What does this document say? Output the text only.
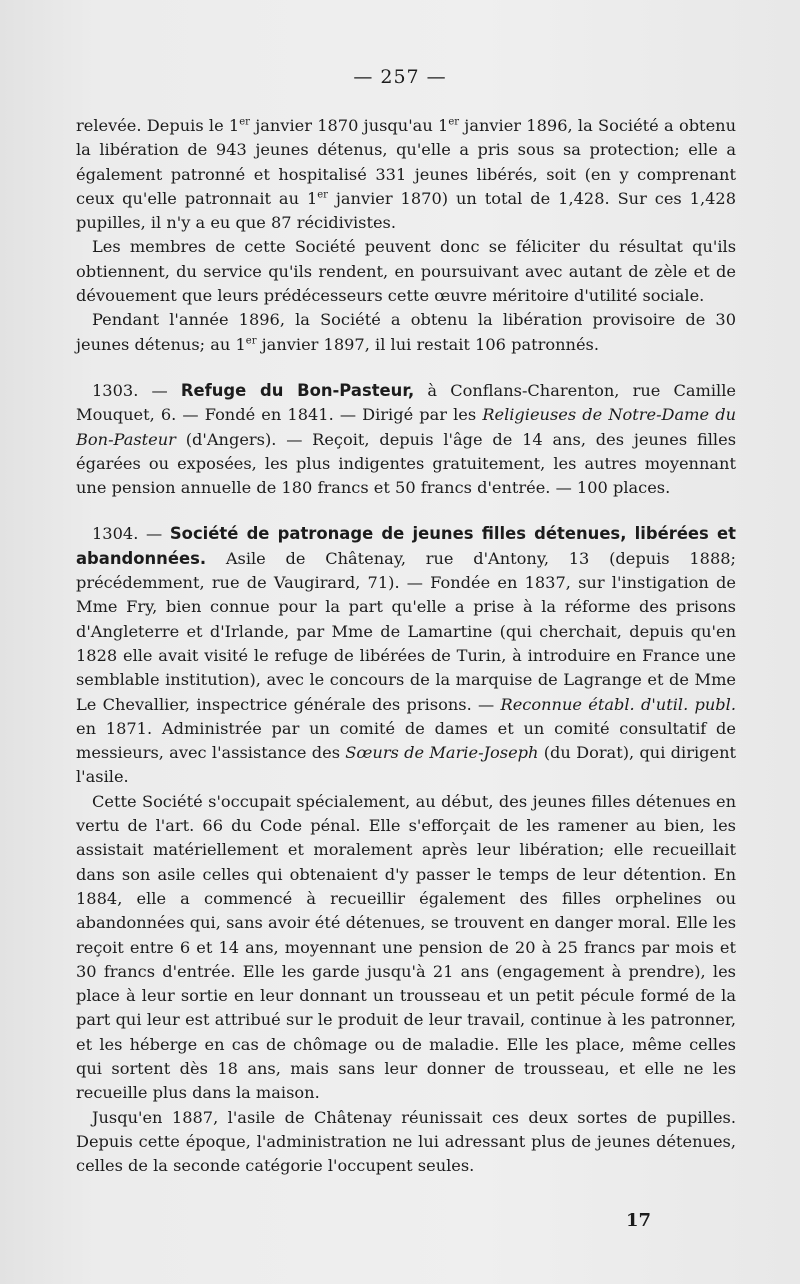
— 257 —

relevée. Depuis le 1er janvier 1870 jusqu'au 1er janvier 1896, la Société a obtenu la libération de 943 jeunes détenus, qu'elle a pris sous sa protection; elle a également patronné et hospitalisé 331 jeunes libérés, soit (en y comprenant ceux qu'elle patronnait au 1er janvier 1870) un total de 1,428. Sur ces 1,428 pupilles, il n'y a eu que 87 récidivistes.

Les membres de cette Société peuvent donc se féliciter du résultat qu'ils obtiennent, du service qu'ils rendent, en poursuivant avec autant de zèle et de dévouement que leurs prédécesseurs cette œuvre méritoire d'utilité sociale.

Pendant l'année 1896, la Société a obtenu la libération provisoire de 30 jeunes détenus; au 1er janvier 1897, il lui restait 106 patronnés.

1303. — Refuge du Bon-Pasteur, à Conflans-Charenton, rue Camille Mouquet, 6. — Fondé en 1841. — Dirigé par les Religieuses de Notre-Dame du Bon-Pasteur (d'Angers). — Reçoit, depuis l'âge de 14 ans, des jeunes filles égarées ou exposées, les plus indigentes gratuitement, les autres moyennant une pension annuelle de 180 francs et 50 francs d'entrée. — 100 places.

1304. — Société de patronage de jeunes filles détenues, libérées et abandonnées. Asile de Châtenay, rue d'Antony, 13 (depuis 1888; précédemment, rue de Vaugirard, 71). — Fondée en 1837, sur l'instigation de Mme Fry, bien connue pour la part qu'elle a prise à la réforme des prisons d'Angleterre et d'Irlande, par Mme de Lamartine (qui cherchait, depuis qu'en 1828 elle avait visité le refuge de libérées de Turin, à introduire en France une semblable institution), avec le concours de la marquise de Lagrange et de Mme Le Chevallier, inspectrice générale des prisons. — Reconnue établ. d'util. publ. en 1871. Administrée par un comité de dames et un comité consultatif de messieurs, avec l'assistance des Sœurs de Marie-Joseph (du Dorat), qui dirigent l'asile.

Cette Société s'occupait spécialement, au début, des jeunes filles détenues en vertu de l'art. 66 du Code pénal. Elle s'efforçait de les ramener au bien, les assistait matériellement et moralement après leur libération; elle recueillait dans son asile celles qui obtenaient d'y passer le temps de leur détention. En 1884, elle a commencé à recueillir également des filles orphelines ou abandonnées qui, sans avoir été détenues, se trouvent en danger moral. Elle les reçoit entre 6 et 14 ans, moyennant une pension de 20 à 25 francs par mois et 30 francs d'entrée. Elle les garde jusqu'à 21 ans (engagement à prendre), les place à leur sortie en leur donnant un trousseau et un petit pécule formé de la part qui leur est attribué sur le produit de leur travail, continue à les patronner, et les héberge en cas de chômage ou de maladie. Elle les place, même celles qui sortent dès 18 ans, mais sans leur donner de trousseau, et elle ne les recueille plus dans la maison.

Jusqu'en 1887, l'asile de Châtenay réunissait ces deux sortes de pupilles. Depuis cette époque, l'administration ne lui adressant plus de jeunes détenues, celles de la seconde catégorie l'occupent seules.

17
